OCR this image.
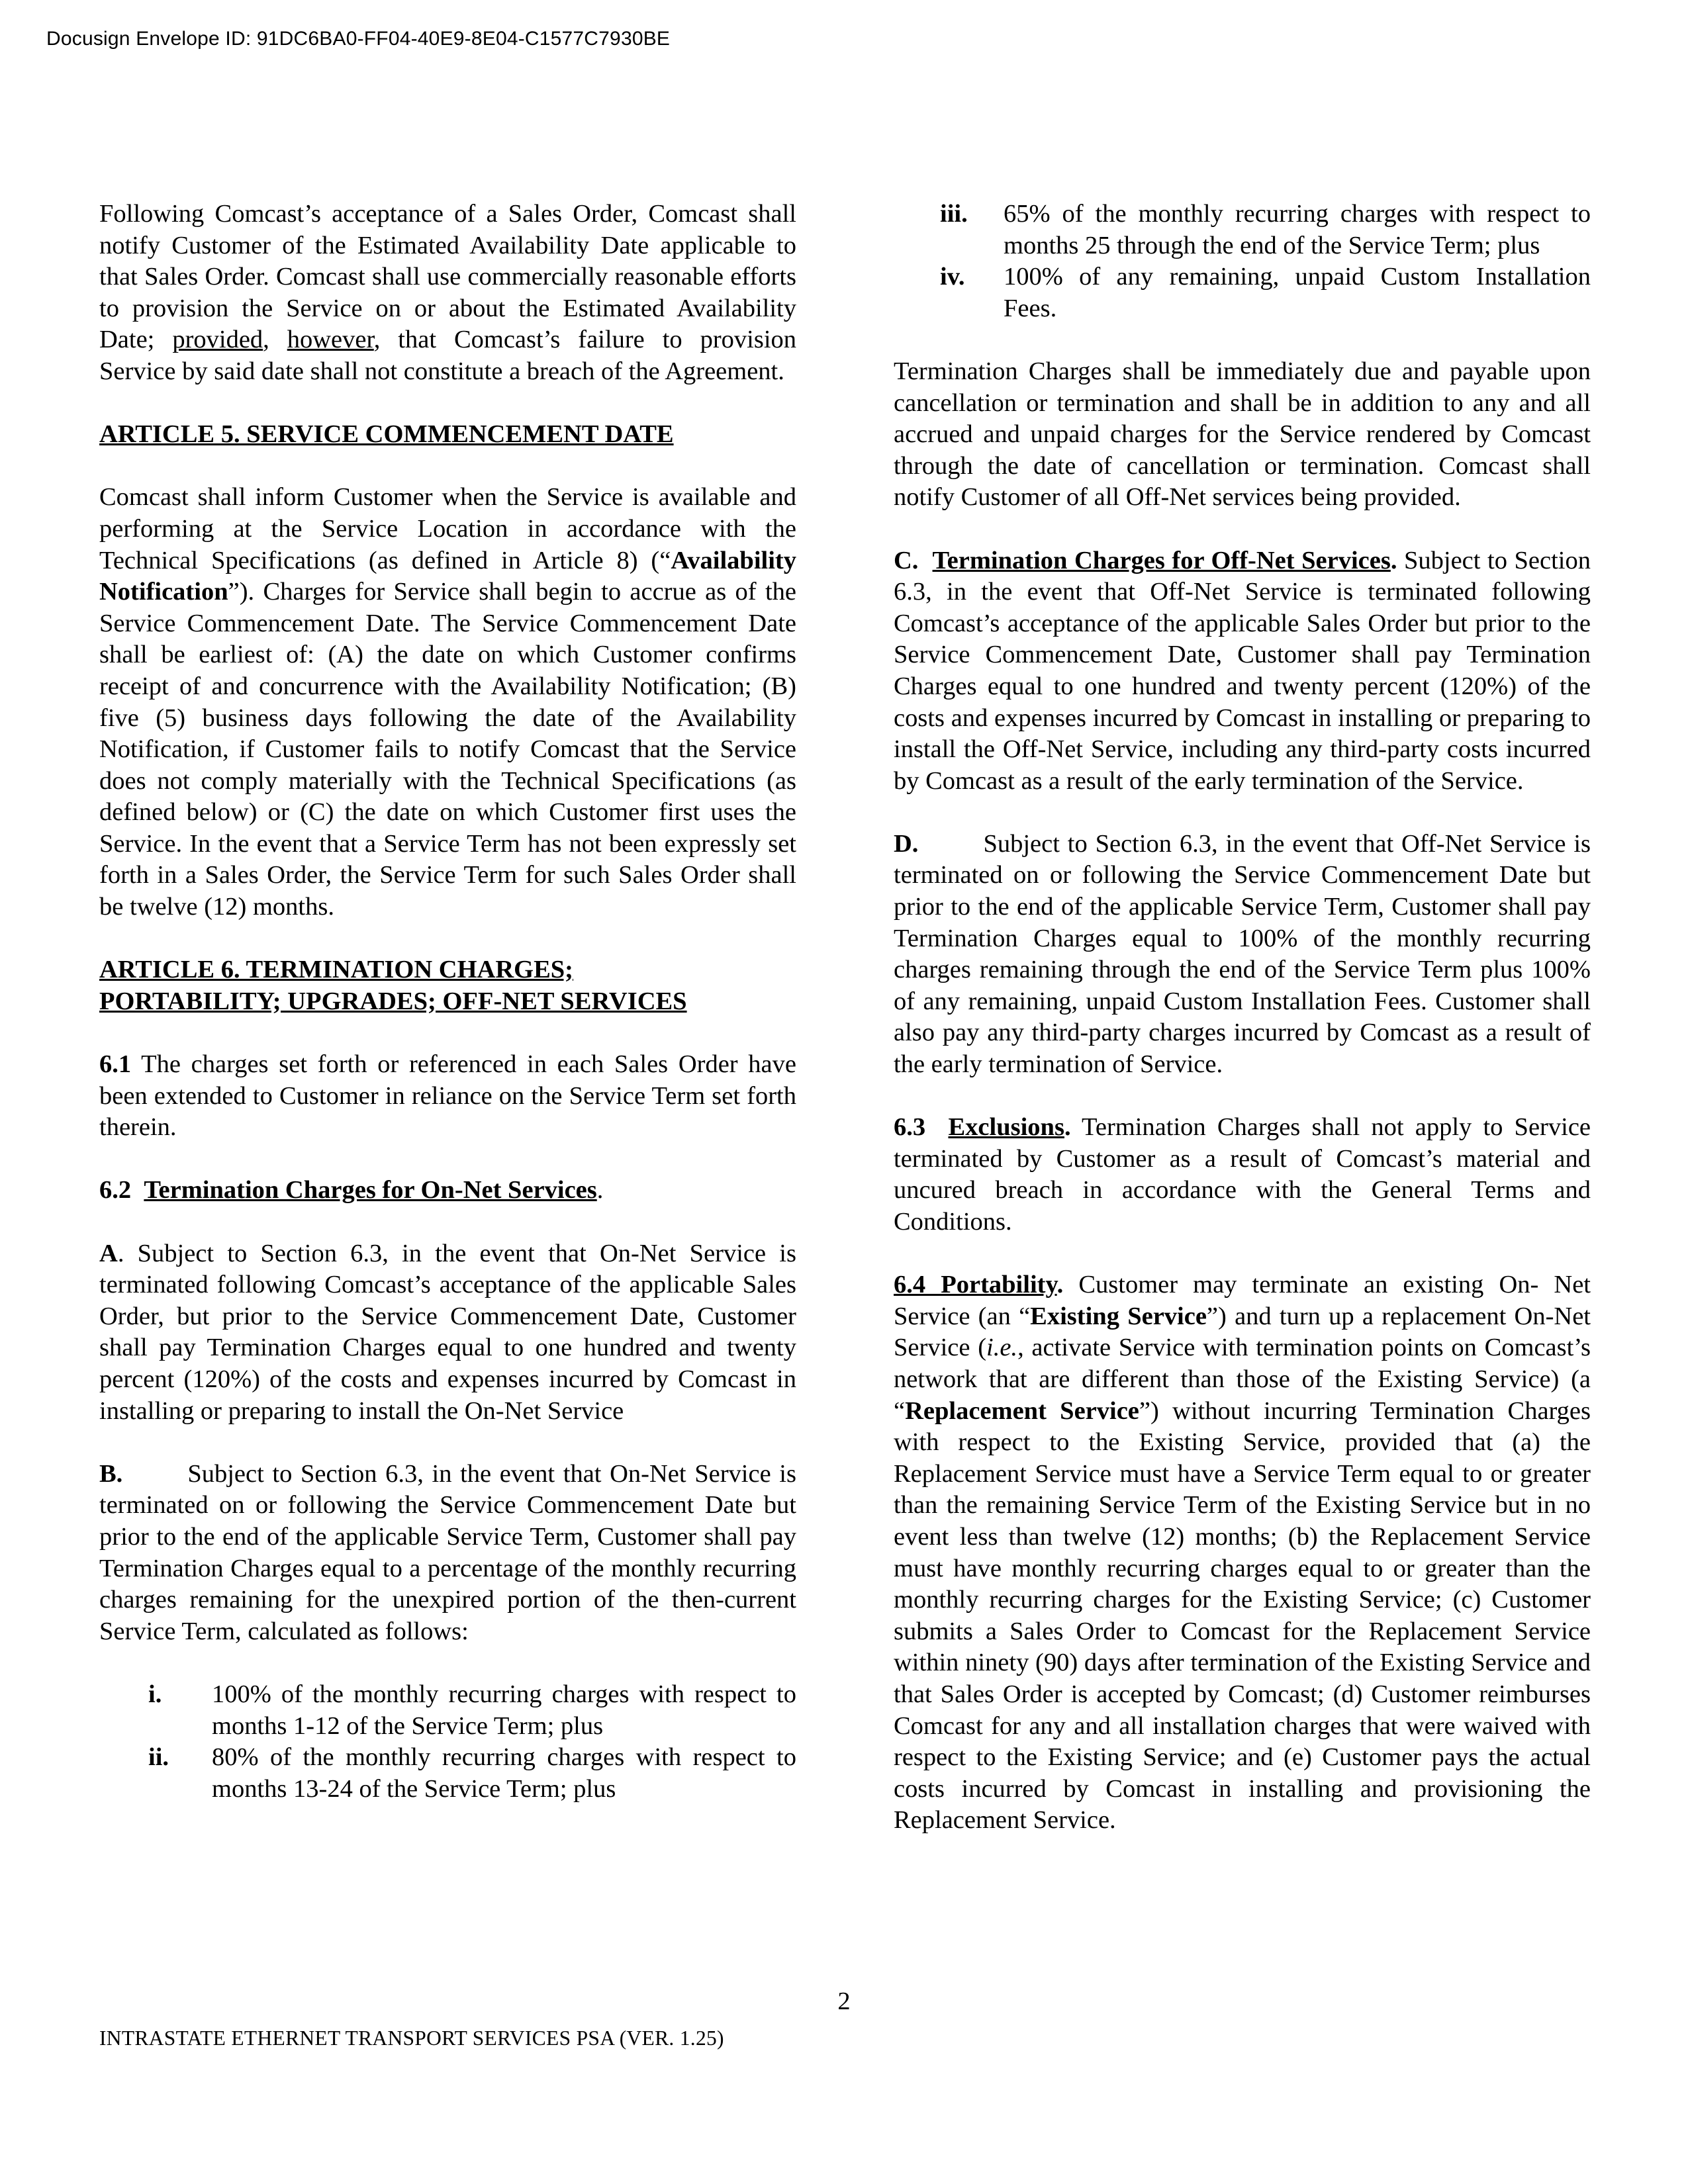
Docusign Envelope ID: 91DC6BA0-FF04-40E9-8E04-C1577C7930BE

Following Comcast’s acceptance of a Sales Order, Comcast shall notify Customer of the Estimated Availability Date applicable to that Sales Order. Comcast shall use commercially reasonable efforts to provision the Service on or about the Estimated Availability Date; provided, however, that Comcast’s failure to provision Service by said date shall not constitute a breach of the Agreement.

ARTICLE 5. SERVICE COMMENCEMENT DATE

Comcast shall inform Customer when the Service is available and performing at the Service Location in accordance with the Technical Specifications (as defined in Article 8) (“Availability Notification”). Charges for Service shall begin to accrue as of the Service Commencement Date. The Service Commencement Date shall be earliest of: (A) the date on which Customer confirms receipt of and concurrence with the Availability Notification; (B) five (5) business days following the date of the Availability Notification, if Customer fails to notify Comcast that the Service does not comply materially with the Technical Specifications (as defined below) or (C) the date on which Customer first uses the Service. In the event that a Service Term has not been expressly set forth in a Sales Order, the Service Term for such Sales Order shall be twelve (12) months.

ARTICLE 6. TERMINATION CHARGES;
PORTABILITY; UPGRADES; OFF-NET SERVICES

6.1 The charges set forth or referenced in each Sales Order have been extended to Customer in reliance on the Service Term set forth therein.

6.2 Termination Charges for On-Net Services.

A. Subject to Section 6.3, in the event that On-Net Service is terminated following Comcast’s acceptance of the applicable Sales Order, but prior to the Service Commencement Date, Customer shall pay Termination Charges equal to one hundred and twenty percent (120%) of the costs and expenses incurred by Comcast in installing or preparing to install the On-Net Service

B.	Subject to Section 6.3, in the event that On-Net Service is terminated on or following the Service Commencement Date but prior to the end of the applicable Service Term, Customer shall pay Termination Charges equal to a percentage of the monthly recurring charges remaining for the unexpired portion of the then-current Service Term, calculated as follows:

i.	100% of the monthly recurring charges with respect to months 1-12 of the Service Term; plus
ii.	80% of the monthly recurring charges with respect to months 13-24 of the Service Term; plus
iii.	65% of the monthly recurring charges with respect to months 25 through the end of the Service Term; plus
iv.	100% of any remaining, unpaid Custom Installation Fees.

Termination Charges shall be immediately due and payable upon cancellation or termination and shall be in addition to any and all accrued and unpaid charges for the Service rendered by Comcast through the date of cancellation or termination. Comcast shall notify Customer of all Off-Net services being provided.

C. Termination Charges for Off-Net Services. Subject to Section 6.3, in the event that Off-Net Service is terminated following Comcast’s acceptance of the applicable Sales Order but prior to the Service Commencement Date, Customer shall pay Termination Charges equal to one hundred and twenty percent (120%) of the costs and expenses incurred by Comcast in installing or preparing to install the Off-Net Service, including any third-party costs incurred by Comcast as a result of the early termination of the Service.

D.	Subject to Section 6.3, in the event that Off-Net Service is terminated on or following the Service Commencement Date but prior to the end of the applicable Service Term, Customer shall pay Termination Charges equal to 100% of the monthly recurring charges remaining through the end of the Service Term plus 100% of any remaining, unpaid Custom Installation Fees. Customer shall also pay any third-party charges incurred by Comcast as a result of the early termination of Service.

6.3 Exclusions. Termination Charges shall not apply to Service terminated by Customer as a result of Comcast’s material and uncured breach in accordance with the General Terms and Conditions.

6.4 Portability. Customer may terminate an existing On- Net Service (an “Existing Service”) and turn up a replacement On-Net Service (i.e., activate Service with termination points on Comcast’s network that are different than those of the Existing Service) (a “Replacement Service”) without incurring Termination Charges with respect to the Existing Service, provided that (a) the Replacement Service must have a Service Term equal to or greater than the remaining Service Term of the Existing Service but in no event less than twelve (12) months; (b) the Replacement Service must have monthly recurring charges equal to or greater than the monthly recurring charges for the Existing Service; (c) Customer submits a Sales Order to Comcast for the Replacement Service within ninety (90) days after termination of the Existing Service and that Sales Order is accepted by Comcast; (d) Customer reimburses Comcast for any and all installation charges that were waived with respect to the Existing Service; and (e) Customer pays the actual costs incurred by Comcast in installing and provisioning the Replacement Service.

2
INTRASTATE ETHERNET TRANSPORT SERVICES PSA (VER. 1.25)
